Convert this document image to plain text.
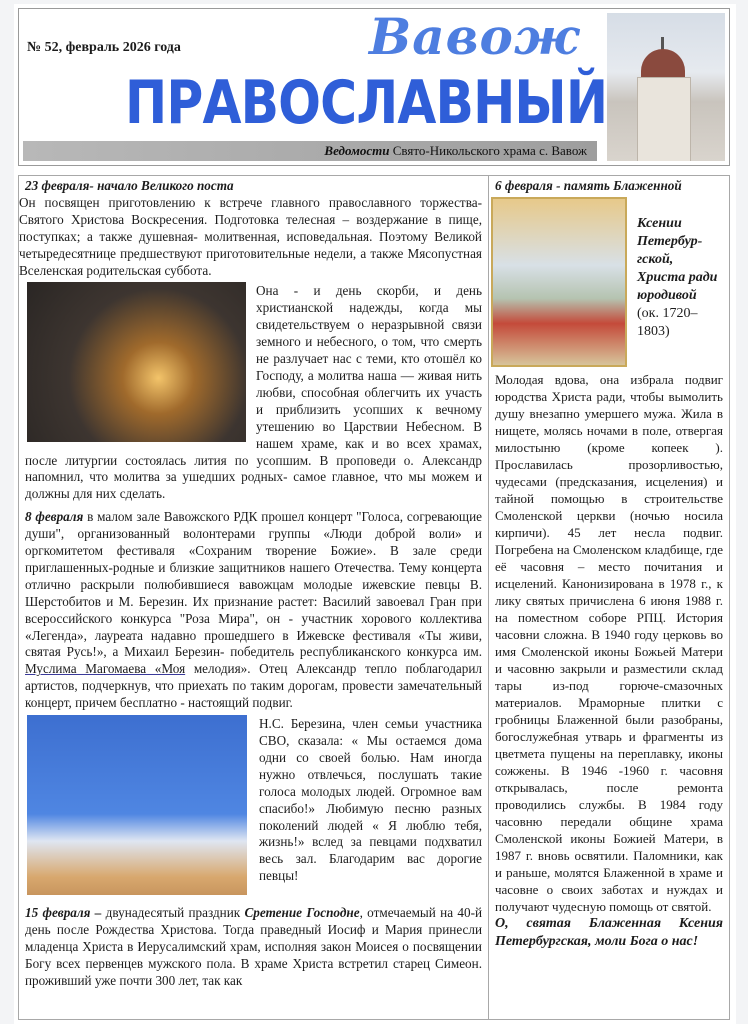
№ 52, февраль 2026 года	Вавож
ПРАВОСЛАВНЫЙ
Ведомости Свято-Никольского храма с. Вавож

23 февраля- начало Великого поста

Он посвящен приготовлению к встрече главного православного торжества- Святого Христова Воскресения. Подготовка телесная – воздержание в пище, поступках; а также душевная- молитвенная, исповедальная. Поэтому Великой четыредесятнице предшествуют приготовительные недели, а также Мясопустная Вселенская родительская суббота.

Она - и день скорби, и день христианской надежды, когда мы свидетельствуем о неразрывной связи земного и небесного, о том, что смерть не разлучает нас с теми, кто отошёл ко Господу, а молитва наша — живая нить любви, способная облегчить их участь и приблизить усопших к вечному утешению во Царствии Небесном. В нашем храме, как и во всех храмах, после литургии состоялась лития по усопшим. В проповеди о. Александр напомнил, что молитва за ушедших родных- самое главное, что мы можем и должны для них сделать.

8 февраля в малом зале Вавожского РДК прошел концерт "Голоса, согревающие души", организованный волонтерами группы «Люди доброй воли» и оргкомитетом фестиваля «Сохраним творение Божие». В зале среди приглашенных-родные и близкие защитников нашего Отечества. Тему концерта отлично раскрыли полюбившиеся вавожцам молодые ижевские певцы В. Шерстобитов и М. Березин. Их признание растет: Василий завоевал Гран при всероссийского конкурса "Роза Мира", он - участник хорового коллектива «Легенда», лауреата надавно прошедшего в Ижевске фестиваля «Ты живи, святая Русь!», а Михаил Березин- победитель республиканского конкурса им. Муслима Магомаева «Моя мелодия». Отец Александр тепло поблагодарил артистов, подчеркнув, что приехать по таким дорогам, провести замечательный концерт, причем бесплатно - настоящий подвиг.

Н.С. Березина, член семьи участника СВО, сказала: « Мы остаемся дома одни со своей болью. Нам иногда нужно отвлечься, послушать такие голоса молодых людей. Огромное вам спасибо!» Любимую песню разных поколений людей « Я люблю тебя, жизнь!» вслед за певцами подхватил весь зал. Благодарим вас дорогие певцы!

15 февраля – двунадесятый праздник Сретение Господне, отмечаемый на 40-й день после Рождества Христова. Тогда праведный Иосиф и Мария принесли младенца Христа в Иерусалимский храм, исполняя закон Моисея о посвящении Богу всех первенцев мужского пола. В храме Христа встретил старец Симеон. проживший уже почти 300 лет, так как

6 февраля - память Блаженной

Ксении Петербур- гской, Христа ради юродивой
(ок. 1720–1803)

Молодая вдова, она избрала подвиг юродства Христа ради, чтобы вымолить душу внезапно умершего мужа. Жила в нищете, молясь ночами в поле, отвергая милостыню (кроме копеек ). Прославилась прозорливостью, чудесами (предсказания, исцеления) и тайной помощью в строительстве Смоленской церкви (ночью носила кирпичи). 45 лет несла подвиг. Погребена на Смоленском кладбище, где её часовня – место почитания и исцелений. Канонизирована в 1978 г., к лику святых причислена 6 июня 1988 г. на поместном соборе РПЦ. История часовни сложна. В 1940 году церковь во имя Смоленской иконы Божьей Матери и часовню закрыли и разместили склад тары из-под горюче-смазочных материалов. Мраморные плитки с гробницы Блаженной были разобраны, богослужебная утварь и фрагменты из цветмета пущены на переплавку, иконы сожжены. В 1946 -1960 г. часовня открывалась, после ремонта проводились службы. В 1984 году часовню передали общине храма Смоленской иконы Божией Матери, в 1987 г. вновь освятили. Паломники, как и раньше, молятся Блаженной в храме и часовне о своих заботах и нуждах и получают чудесную помощь от святой.

О, святая Блаженная Ксения Петербургская, моли Бога о нас!
